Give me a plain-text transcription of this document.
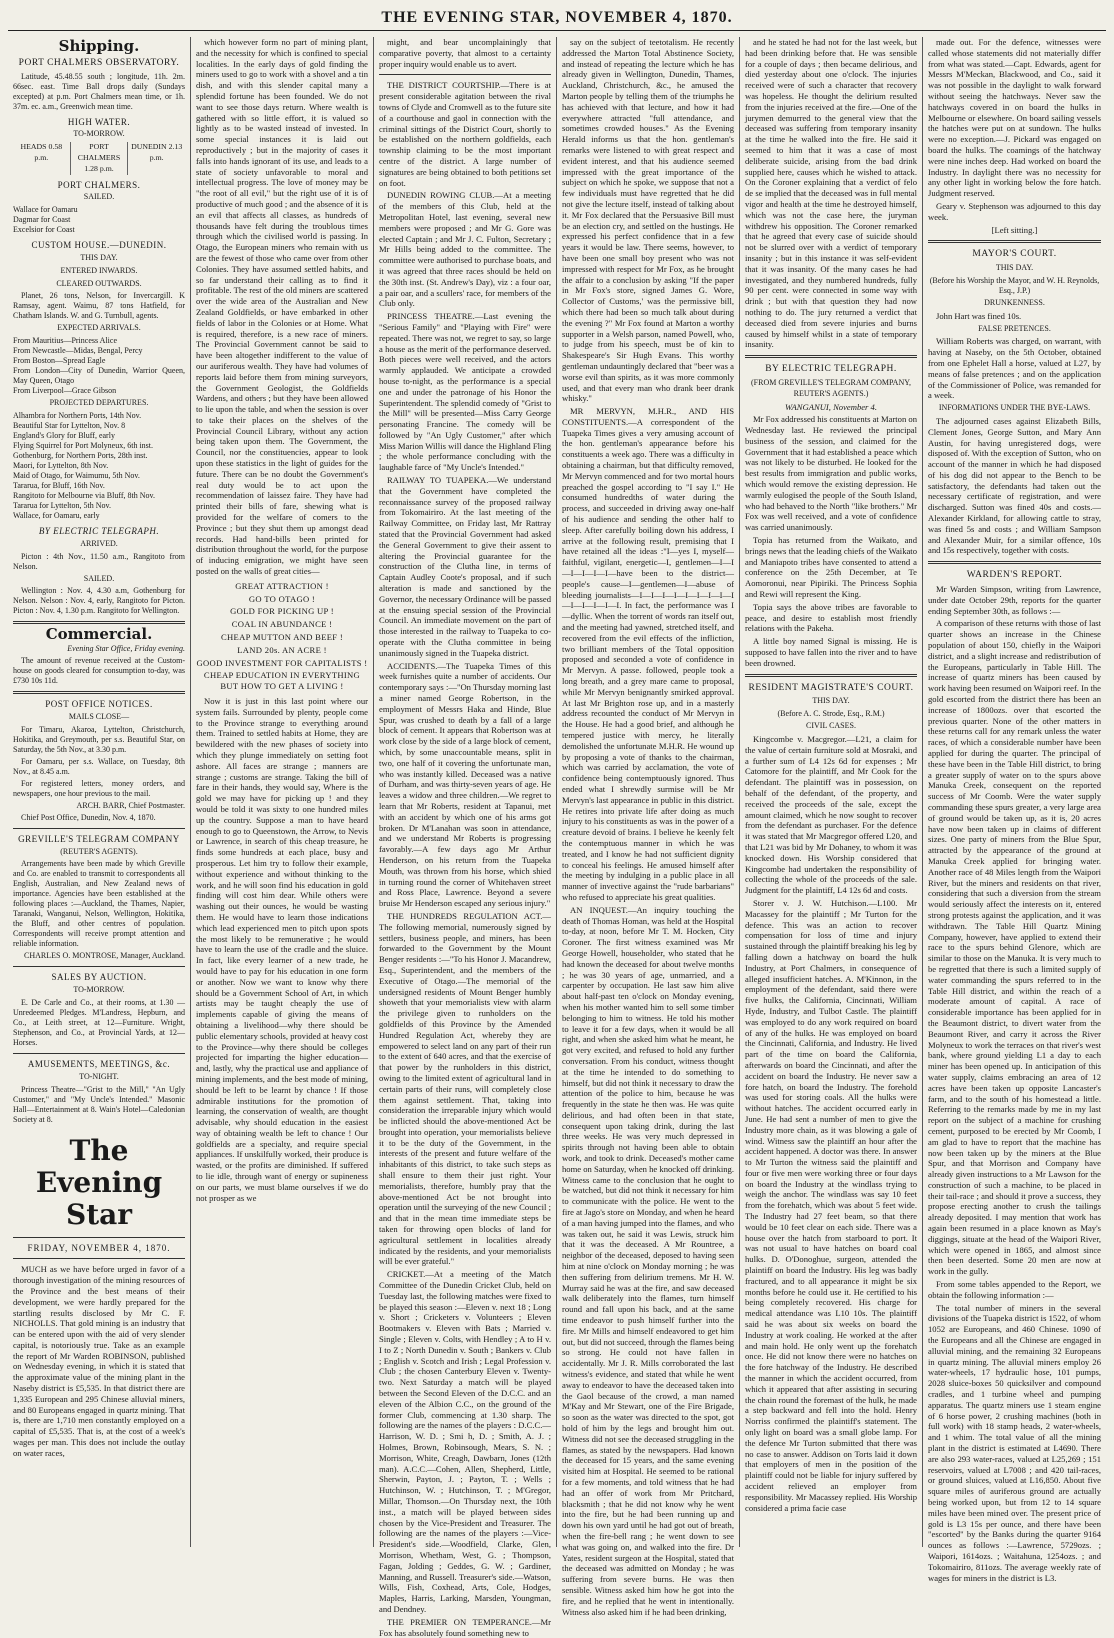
THE EVENING STAR, NOVEMBER 4, 1870.
Shipping.
PORT CHALMERS OBSERVATORY.

Latitude, 45.48.55 south ; longitude, 11h. 2m. 66sec. east. Time Ball drops daily (Sundays excepted) at p.m. Port Chalmers mean time, or 1h. 37m. ec. a.m., Greenwich mean time.

HIGH WATER.
TO-MORROW.
HEADS 0.58 p.m.
PORT CHALMERS 1.28 p.m.
DUNEDIN 2.13 p.m.
PORT CHALMERS.
SAILED.

Wallace for Oamaru

Dagmar for Coast

Excelsior for Coast

CUSTOM HOUSE.—DUNEDIN.
THIS DAY.
ENTERED INWARDS.
CLEARED OUTWARDS.

Planet, 26 tons, Nelson, for Invercargill. K Ramsay, agent. Waimu, 87 tons Hatfield, for Chatham Islands. W. and G. Turnbull, agents.

EXPECTED ARRIVALS.

From Mauritius—Princess Alice

From Newcastle—Midas, Bengal, Percy

From Boston—Spread Eagle

From London—City of Dunedin, Warrior Queen, May Queen, Otago

From Liverpool—Grace Gibson

PROJECTED DEPARTURES.

Alhambra for Northern Ports, 14th Nov.

Beautiful Star for Lyttelton, Nov. 8

England's Glory for Bluff, early

Flying Squirrel for Port Molyneux, 6th inst.

Gothenburg, for Northern Ports, 28th inst.

Maori, for Lyttelton, 8th Nov.

Maid of Otago, for Waimumu, 5th Nov.

Tararua, for Bluff, 16th Nov.

Rangitoto for Melbourne via Bluff, 8th Nov.

Tararua for Lyttelton, 5th Nov.

Wallace, for Oamaru, early

BY ELECTRIC TELEGRAPH.
ARRIVED.

Picton : 4th Nov., 11.50 a.m., Rangitoto from Nelson.

SAILED.

Wellington : Nov. 4, 4.30 a.m, Gothenburg for Nelson. Nelson : Nov. 4, early, Rangitoto for Picton. Picton : Nov. 4, 1.30 p.m. Rangitoto for Wellington.

Commercial.

Evening Star Office, Friday evening.

The amount of revenue received at the Custom-house on goods cleared for consumption to-day, was £730 10s 11d.

POST OFFICE NOTICES.
MAILS CLOSE—

For Timaru, Akaroa, Lyttelton, Christchurch, Hokitika, and Greymouth, per s.s. Beautiful Star, on Saturday, the 5th Nov., at 3.30 p.m.

For Oamaru, per s.s. Wallace, on Tuesday, 8th Nov., at 8.45 a.m.

For registered letters, money orders, and newspapers, one hour previous to the mail.

ARCH. BARR, Chief Postmaster.

Chief Post Office, Dunedin, Nov. 4, 1870.

GREVILLE'S TELEGRAM COMPANY
(REUTER'S AGENTS).

Arrangements have been made by which Greville and Co. are enabled to transmit to correspondents all English, Australian, and New Zealand news of importance. Agencies have been established at the following places :—Auckland, the Thames, Napier, Taranaki, Wanganui, Nelson, Wellington, Hokitika, the Bluff, and other centres of population. Correspondents will receive prompt attention and reliable information.

CHARLES O. MONTROSE, Manager, Auckland.

SALES BY AUCTION.
TO-MORROW.

E. De Carle and Co., at their rooms, at 1.30 —Unredeemed Pledges. M'Landress, Hepburn, and Co., at Leith street, at 12—Furniture. Wright, Stephenson, and Co., at Provincial Yards, at 12—Horses.

AMUSEMENTS, MEETINGS, &c.
TO-NIGHT.

Princess Theatre—"Grist to the Mill," "An Ugly Customer," and "My Uncle's Intended." Masonic Hall—Entertainment at 8. Wain's Hotel—Caledonian Society at 8.

The Evening Star
FRIDAY, NOVEMBER 4, 1870.

MUCH as we have before urged in favor of a thorough investigation of the mining resources of the Province and the best means of their development, we were hardly prepared for the startling results disclosed by Mr C. F. NICHOLLS. That gold mining is an industry that can be entered upon with the aid of very slender capital, is notoriously true. Take as an example the report of Mr Warden ROBINSON, published on Wednesday evening, in which it is stated that the approximate value of the mining plant in the Naseby district is £5,535. In that district there are 1,335 European and 295 Chinese alluvial miners, and 80 Europeans engaged in quartz mining. That is, there are 1,710 men constantly employed on a capital of £5,535. That is, at the cost of a week's wages per man. This does not include the outlay on water races,

which however form no part of mining plant, and the necessity for which is confined to special localities. In the early days of gold finding the miners used to go to work with a shovel and a tin dish, and with this slender capital many a splendid fortune has been founded. We do not want to see those days return. Where wealth is gathered with so little effort, it is valued so lightly as to be wasted instead of invested. In some special instances it is laid out reproductively ; but in the majority of cases it falls into hands ignorant of its use, and leads to a state of society unfavorable to moral and intellectual progress. The love of money may be "the root of all evil," but the right use of it is of productive of much good ; and the absence of it is an evil that affects all classes, as hundreds of thousands have felt during the troublous times through which the civilised world is passing. In Otago, the European miners who remain with us are the fewest of those who came over from other Colonies. They have assumed settled habits, and so far understand their calling as to find it profitable. The rest of the old miners are scattered over the wide area of the Australian and New Zealand Goldfields, or have embarked in other fields of labor in the Colonies or at Home. What is required, therefore, is a new race of miners. The Provincial Government cannot be said to have been altogether indifferent to the value of our auriferous wealth. They have had volumes of reports laid before them from mining surveyors, the Government Geologist, the Goldfields Wardens, and others ; but they have been allowed to lie upon the table, and when the session is over to take their places on the shelves of the Provincial Council Library, without any action being taken upon them. The Government, the Council, nor the constituencies, appear to look upon these statistics in the light of guides for the future. There can be no doubt the Government's real duty would be to act upon the recommendation of laissez faire. They have had printed their bills of fare, shewing what is provided for the welfare of comers to the Province ; but they shut them up amongst dead records. Had hand-bills been printed for distribution throughout the world, for the purpose of inducing emigration, we might have seen posted on the walls of great cities—

GREAT ATTRACTION !
GO TO OTAGO !
GOLD FOR PICKING UP !
COAL IN ABUNDANCE !
CHEAP MUTTON AND BEEF !
LAND 20s. AN ACRE !
GOOD INVESTMENT FOR CAPITALISTS !
CHEAP EDUCATION IN EVERYTHING BUT HOW TO GET A LIVING !

Now it is just in this last point where our system fails. Surrounded by plenty, people come to the Province strange to everything around them. Trained to settled habits at Home, they are bewildered with the new phases of society into which they plunge immediately on setting foot ashore. All faces are strange ; manners are strange ; customs are strange. Taking the bill of fare in their hands, they would say, Where is the gold we may have for picking up ! and they would be told it was sixty to one hundred miles up the country. Suppose a man to have heard enough to go to Queenstown, the Arrow, to Nevis or Lawrence, in search of this cheap treasure, he finds some hundreds at each place, busy and prosperous. Let him try to follow their example, without experience and without thinking to the work, and he will soon find his education in gold finding will cost him dear. While others were washing out their ounces, he would be wasting them. He would have to learn those indications which lead experienced men to pitch upon spots the most likely to be remunerative ; he would have to learn the use of the cradle and the sluice. In fact, like every learner of a new trade, he would have to pay for his education in one form or another. Now we want to know why there should be a Government School of Art, in which artists may be taught cheaply the use of implements capable of giving the means of obtaining a livelihood—why there should be public elementary schools, provided at heavy cost to the Province—why there should be colleges projected for imparting the higher education—and, lastly, why the practical use and appliance of mining implements, and the best mode of mining, should be left to be learnt by chance ! If those admirable institutions for the promotion of learning, the conservation of wealth, are thought advisable, why should education in the easiest way of obtaining wealth be left to chance ! Our goldfields are a specialty, and require special appliances. If unskilfully worked, their produce is wasted, or the profits are diminished. If suffered to lie idle, through want of energy or supineness on our parts, we must blame ourselves if we do not prosper as we

might, and bear uncomplainingly that comparative poverty, that almost to a certainty proper inquiry would enable us to avert.

THE DISTRICT COURTSHIP.—There is at present considerable agitation between the rival towns of Clyde and Cromwell as to the future site of a courthouse and gaol in connection with the criminal sittings of the District Court, shortly to be established on the northern goldfields, each township claiming to be the most important centre of the district. A large number of signatures are being obtained to both petitions set on foot.

DUNEDIN ROWING CLUB.—At a meeting of the members of this Club, held at the Metropolitan Hotel, last evening, several new members were proposed ; and Mr G. Gore was elected Captain ; and Mr J. C. Fulton, Secretary ; Mr Hills being added to the committee. The committee were authorised to purchase boats, and it was agreed that three races should be held on the 30th inst. (St. Andrew's Day), viz : a four oar, a pair oar, and a scullers' race, for members of the Club only.

PRINCESS THEATRE.—Last evening the "Serious Family" and "Playing with Fire" were repeated. There was not, we regret to say, so large a house as the merit of the performance deserved. Both pieces were well received, and the actors warmly applauded. We anticipate a crowded house to-night, as the performance is a special one and under the patronage of his Honor the Superintendent. The splendid comedy of "Grist to the Mill" will be presented—Miss Carry George personating Francine. The comedy will be followed by "An Ugly Customer," after which Miss Marion Willis will dance the Highland Fling ; the whole performance concluding with the laughable farce of "My Uncle's Intended."

RAILWAY TO TUAPEKA.—We understand that the Government have completed the reconnaissance survey of the proposed railway from Tokomairiro. At the last meeting of the Railway Committee, on Friday last, Mr Rattray stated that the Provincial Government had asked the General Government to give their assent to altering the Provincial guarantee for the construction of the Clutha line, in terms of Captain Audley Coote's proposal, and if such alteration is made and sanctioned by the Governor, the necessary Ordinance will be passed at the ensuing special session of the Provincial Council. An immediate movement on the part of those interested in the railway to Tuapeka to co-operate with the Clutha committee in being unanimously signed in the Tuapeka district.

ACCIDENTS.—The Tuapeka Times of this week furnishes quite a number of accidents. Our contemporary says :—"On Thursday morning last a miner named George Robertson, in the employment of Messrs Haka and Hinde, Blue Spur, was crushed to death by a fall of a large block of cement. It appears that Robertson was at work close by the side of a large block of cement, which, by some unaccountable means, split in two, one half of it covering the unfortunate man, who was instantly killed. Deceased was a native of Durham, and was thirty-seven years of age. He leaves a widow and three children.—We regret to learn that Mr Roberts, resident at Tapanui, met with an accident by which one of his arms got broken. Dr M'Lanahan was soon in attendance, and we understand Mr Roberts is progressing favorably.—A few days ago Mr Arthur Henderson, on his return from the Tuapeka Mouth, was thrown from his horse, which shied in turning round the corner of Whitehaven street and Ross Place, Lawrence. Beyond a severe bruise Mr Henderson escaped any serious injury."

THE HUNDREDS REGULATION ACT.—The following memorial, numerously signed by settlers, business people, and miners, has been forwarded to the Government by the Mount Benger residents :—"To his Honor J. Macandrew, Esq., Superintendent, and the members of the Executive of Otago.—The memorial of the undersigned residents of Mount Benger humbly showeth that your memorialists view with alarm the privilege given to runholders on the goldfields of this Province by the Amended Hundred Regulation Act, whereby they are empowered to select land on any part of their run to the extent of 640 acres, and that the exercise of that power by the runholders in this district, owing to the limited extent of agricultural land in certain parts of their runs, will completely close them against settlement. That, taking into consideration the irreparable injury which would be inflicted should the above-mentioned Act be brought into operation, your memorialists believe it to be the duty of the Government, in the interests of the present and future welfare of the inhabitants of this district, to take such steps as shall ensure to them their just right. Your memorialists, therefore, humbly pray that the above-mentioned Act be not brought into operation until the surveying of the new Council ; and that in the mean time immediate steps be taken for throwing open blocks of land for agricultural settlement in localities already indicated by the residents, and your memorialists will be ever grateful."

CRICKET.—At a meeting of the Match Committee of the Dunedin Cricket Club, held on Tuesday last, the following matches were fixed to be played this season :—Eleven v. next 18 ; Long v. Short ; Cricketers v. Volunteers ; Eleven Bootmakers v. Eleven with Bats ; Married v. Single ; Eleven v. Colts, with Hendley ; A to H v. I to Z ; North Dunedin v. South ; Bankers v. Club ; English v. Scotch and Irish ; Legal Profession v. Club ; the chosen Canterbury Eleven v. Twenty-two. Next Saturday a match will be played between the Second Eleven of the D.C.C. and an eleven of the Albion C.C., on the ground of the former Club, commencing at 1.30 sharp. The following are the names of the players : D.C.C.—Harrison, W. D. ; Smi h, D. ; Smith, A. J. ; Holmes, Brown, Robinsough, Mears, S. N. ; Morrison, White, Creagh, Dawbarn, Jones (12th man). A.C.C.—Cohen, Allen, Shepherd, Little, Sherwin, Payton, J. ; Payton, T. ; Wells ; Hutchinson, W. ; Hutchinson, T. ; M'Gregor, Millar, Thomson.—On Thursday next, the 10th inst., a match will be played between sides chosen by the Vice-President and Treasurer. The following are the names of the players :—Vice-President's side.—Woodfield, Clarke, Glen, Morrison, Whetham, West, G. ; Thompson, Fagan, Jolding ; Geddes, G. W. ; Gardiner, Manning, and Russell. Treasurer's side.—Watson, Wills, Fish, Coxhead, Arts, Cole, Hodges, Maples, Harris, Larking, Marsden, Youngman, and Dendney.

THE PREMIER ON TEMPERANCE.—Mr Fox has absolutely found something new to

say on the subject of teetotalism. He recently addressed the Marton Total Abstinence Society, and instead of repeating the lecture which he has already given in Wellington, Dunedin, Thames, Auckland, Christchurch, &c., he amused the Marton people by telling them of the triumphs he has achieved with that lecture, and how it had everywhere attracted "full attendance, and sometimes crowded houses." As the Evening Herald informs us that the hon. gentleman's remarks were listened to with great respect and evident interest, and that his audience seemed impressed with the great importance of the subject on which he spoke, we suppose that not a few individuals must have regretted that he did not give the lecture itself, instead of talking about it. Mr Fox declared that the Persuasive Bill must be an election cry, and settled on the hustings. He expressed his perfect confidence that in a few years it would be law. There seems, however, to have been one small boy present who was not impressed with respect for Mr Fox, as he brought the affair to a conclusion by asking "If the paper in Mr Fox's store, signed James G. Wore, Collector of Customs,' was the permissive bill, which there had been so much talk about during the evening ?" Mr Fox found at Marton a worthy supporter in a Welsh parson, named Powell, who, to judge from his speech, must be of kin to Shakespeare's Sir Hugh Evans. This worthy gentleman undauntingly declared that "beer was a worse evil than spirits, as it was more commonly used, and that every man who drank beer drank whisky."

MR MERVYN, M.H.R., AND HIS CONSTITUENTS.—A correspondent of the Tuapeka Times gives a very amusing account of the hon. gentleman's appearance before his constituents a week ago. There was a difficulty in obtaining a chairman, but that difficulty removed, Mr Mervyn commenced and for two mortal hours preached the gospel according to "I say I." He consumed hundredths of water during the process, and succeeded in driving away one-half of his audience and sending the other half to sleep. After carefully boiling down his address, I arrive at the following result, premising that I have retained all the ideas :"I—yes I, myself—faithful, vigilant, energetic—I, gentlemen—I—I—I—I—I—I—have been to the district—people's cause—I—gentlemen—I—abuse of bleeding journalists—I—I—I—I—I—I—I—I—I—I—I—I—I—I. In fact, the performance was I—dyllic. When the torrent of words ran itself out, and the meeting had yawned, stretched itself, and recovered from the evil effects of the infliction, two brilliant members of the Total opposition proposed and seconded a vote of confidence in Mr Mervyn. A passe. followed, people took a long breath, and a grey mare came to proposal, while Mr Mervyn benignantly smirked approval. At last Mr Brighton rose up, and in a masterly address recounted the conduct of Mr Mervyn in the House. He had a good brief, and although he tempered justice with mercy, he literally demolished the unfortunate M.H.R. He wound up by proposing a vote of thanks to the chairman, which was carried by acclamation, the vote of confidence being contemptuously ignored. Thus ended what I shrewdly surmise will be Mr Mervyn's last appearance in public in this district. He retires into private life after doing as much injury to his constituents as was in the power of a creature devoid of brains. I believe he keenly felt the contemptuous manner in which he was treated, and I know he had not sufficient dignity to conceal his feelings. He amused himself after the meeting by indulging in a public place in all manner of invective against the "rude barbarians" who refused to appreciate his great qualities.

AN INQUEST.—An inquiry touching the death of Thomas Homan, was held at the Hospital to-day, at noon, before Mr T. M. Hocken, City Coroner. The first witness examined was Mr George Howell, householder, who stated that he had known the deceased for about twelve months ; he was 30 years of age, unmarried, and a carpenter by occupation. He last saw him alive about half-past ten o'clock on Monday evening, when his mother wanted him to sell some timber belonging to him to witness. He told his mother to leave it for a few days, when it would be all right, and when she asked him what he meant, he got very excited, and refused to hold any further conversation. From his conduct, witness thought at the time he intended to do something to himself, but did not think it necessary to draw the attention of the police to him, because he was frequently in the state he then was. He was quite delirious, and had often been in that state, consequent upon taking drink, during the last three weeks. He was very much depressed in spirits through not having been able to obtain work, and took to drink. Deceased's mother came home on Saturday, when he knocked off drinking. Witness came to the conclusion that he ought to be watched, but did not think it necessary for him to communicate with the police. He went to the fire at Jago's store on Monday, and when he heard of a man having jumped into the flames, and who was taken out, he said it was Lewis, struck him that it was the deceased. A Mr Rountree, a neighbor of the deceased, deposed to having seen him at nine o'clock on Monday morning ; he was then suffering from delirium tremens. Mr H. W. Murray said he was at the fire, and saw deceased walk deliberately into the flames, turn himself round and fall upon his back, and at the same time endeavor to push himself further into the fire. Mr Mills and himself endeavored to get him out, but did not succeed, through the flames being so strong. He could not have fallen in accidentally. Mr J. R. Mills corroborated the last witness's evidence, and stated that while he went away to endeavor to have the deceased taken into the Gaol because of the crowd, a man named M'Kay and Mr Stewart, one of the Fire Brigade, so soon as the water was directed to the spot, got hold of him by the legs and brought him out. Witness did not see the deceased struggling in the flames, as stated by the newspapers. Had known the deceased for 15 years, and the same evening visited him at Hospital. He seemed to be rational for a few moments, and told witness that he had had an offer of work from Mr Pritchard, blacksmith ; that he did not know why he went into the fire, but he had been running up and down his own yard until he had got out of breath, when the fire-bell rang ; he went down to see what was going on, and walked into the fire. Dr Yates, resident surgeon at the Hospital, stated that the deceased was admitted on Monday ; he was suffering from severe burns. He was then sensible. Witness asked him how he got into the fire, and he replied that he went in intentionally. Witness also asked him if he had been drinking,

and he stated he had not for the last week, but had been drinking before that. He was sensible for a couple of days ; then became delirious, and died yesterday about one o'clock. The injuries received were of such a character that recovery was hopeless. He thought the delirium resulted from the injuries received at the fire.—One of the jurymen demurred to the general view that the deceased was suffering from temporary insanity at the time he walked into the fire. He said it seemed to him that it was a case of most deliberate suicide, arising from the bad drink supplied here, causes which he wished to attack. On the Coroner explaining that a verdict of felo de se implied that the deceased was in full mental vigor and health at the time he destroyed himself, which was not the case here, the juryman withdrew his opposition. The Coroner remarked that he agreed that every case of suicide should not be slurred over with a verdict of temporary insanity ; but in this instance it was self-evident that it was insanity. Of the many cases he had investigated, and they numbered hundreds, fully 90 per cent. were connected in some way with drink ; but with that question they had now nothing to do. The jury returned a verdict that deceased died from severe injuries and burns caused by himself whilst in a state of temporary insanity.

BY ELECTRIC TELEGRAPH.
(FROM GREVILLE'S TELEGRAM COMPANY, REUTER'S AGENTS.)
WANGANUI, November 4.

Mr Fox addressed his constituents at Marton on Wednesday last. He reviewed the principal business of the session, and claimed for the Government that it had established a peace which was not likely to be disturbed. He looked for the best results from immigration and public works, which would remove the existing depression. He warmly eulogised the people of the South Island, who had behaved to the North "like brothers." Mr Fox was well received, and a vote of confidence was carried unanimously.

Topia has returned from the Waikato, and brings news that the leading chiefs of the Waikato and Maniapoto tribes have consented to attend a conference on the 25th December, at Te Aomoronui, near Pipiriki. The Princess Sophia and Rewi will represent the King.

Topia says the above tribes are favorable to peace, and desire to establish most friendly relations with the Pakeha.

A little boy named Signal is missing. He is supposed to have fallen into the river and to have been drowned.

RESIDENT MAGISTRATE'S COURT.
THIS DAY.
(Before A. C. Strode, Esq., R.M.)
CIVIL CASES.

Kingcombe v. Macgregor.—L21, a claim for the value of certain furniture sold at Mosraki, and a further sum of L4 12s 6d for expenses ; Mr Catomore for the plaintiff, and Mr Cook for the defendant. The plaintiff was in possession, on behalf of the defendant, of the property, and received the proceeds of the sale, except the amount claimed, which he now sought to recover from the defendant as purchaser. For the defence it was stated that Mr Macgregor offered L20, and that L21 was bid by Mr Dohaney, to whom it was knocked down. His Worship considered that Kingcombe had undertaken the responsibility of collecting the whole of the proceeds of the sale. Judgment for the plaintiff, L4 12s 6d and costs.

Storer v. J. W. Hutchison.—L100. Mr Macassey for the plaintiff ; Mr Turton for the defence. This was an action to recover compensation for loss of time and injury sustained through the plaintiff breaking his leg by falling down a hatchway on board the hulk Industry, at Port Chalmers, in consequence of alleged insufficient hatches. A. M'Kinnon, in the employment of the defendant, said there were five hulks, the California, Cincinnati, William Hyde, Industry, and Tulbot Castle. The plaintiff was employed to do any work required on board of any of the hulks. He was employed on board the Cincinnati, California, and Industry. He lived part of the time on board the California, afterwards on board the Cincinnati, and after the accident on board the Industry. He never saw a fore hatch, on board the Industry. The forehold was used for storing coals. All the hulks were without hatches. The accident occurred early in June. He had sent a number of men to give the Industry more chain, as it was blowing a gale of wind. Witness saw the plaintiff an hour after the accident happened. A doctor was there. In answer to Mr Turton the witness said the plaintiff and four or five men were working three or four days on board the Industry at the windlass trying to weigh the anchor. The windlass was say 10 feet from the forehatch, which was about 5 feet wide. The Industry had 27 feet beam, so that there would be 10 feet clear on each side. There was a house over the hatch from starboard to port. It was not usual to have hatches on board coal hulks. D. O'Donoghue, surgeon, attended the plaintiff on board the Industry. His leg was badly fractured, and to all appearance it might be six months before he could use it. He certified to his being completely recovered. His charge for medical attendance was L10 10s. The plaintiff said he was about six weeks on board the Industry at work coaling. He worked at the after and main hold. He only went up the forehatch once. He did not know there were no hatches on the fore hatchway of the Industry. He described the manner in which the accident occurred, from which it appeared that after assisting in securing the chain round the foremast of the hulk, he made a step backward and fell into the hold. Henry Norriss confirmed the plaintiff's statement. The only light on board was a small globe lamp. For the defence Mr Turton submitted that there was no case to answer. Addison on Torts laid it down that employers of men in the position of the plaintiff could not be liable for injury suffered by accident relieved an employer from responsibility. Mr Macassey replied. His Worship considered a prima facie case

made out. For the defence, witnesses were called whose statements did not materially differ from what was stated.—Capt. Edwards, agent for Messrs M'Meckan, Blackwood, and Co., said it was not possible in the daylight to walk forward without seeing the hatchways. Never saw the hatchways covered in on board the hulks in Melbourne or elsewhere. On board sailing vessels the hatches were put on at sundown. The hulks were no exception.—J. Pickard was engaged on board the hulks. The coamings of the hatchway were nine inches deep. Had worked on board the Industry. In daylight there was no necessity for any other light in working below the fore hatch. Judgment reserved.

Geary v. Stephenson was adjourned to this day week.

[Left sitting.]
MAYOR'S COURT.
THIS DAY.
(Before his Worship the Mayor, and W. H. Reynolds, Esq., J.P.)
DRUNKENNESS.

John Hart was fined 10s.

FALSE PRETENCES.

William Roberts was charged, on warrant, with having at Naseby, on the 5th October, obtained from one Ephelet Hall a horse, valued at L27, by means of false pretences ; and on the application of the Commissioner of Police, was remanded for a week.

INFORMATIONS UNDER THE BYE-LAWS.

The adjourned cases against Elizabeth Bills, Clement Jones, George Sutton, and Mary Ann Austin, for having unregistered dogs, were disposed of. With the exception of Sutton, who on account of the manner in which he had disposed of his dog did not appear to the Bench to be satisfactory, the defendants had taken out the necessary certificate of registration, and were discharged. Sutton was fined 40s and costs.—Alexander Kirkland, for allowing cattle to stray, was fined 5s and costs ; and William Sampson and Alexander Muir, for a similar offence, 10s and 15s respectively, together with costs.

WARDEN'S REPORT.

Mr Warden Simpson, writing from Lawrence, under date October 29th, reports for the quarter ending September 30th, as follows :—

A comparison of these returns with those of last quarter shows an increase in the Chinese population of about 150, chiefly in the Waipori district, and a slight increase and redistribution of the Europeans, particularly in Table Hill. The increase of quartz miners has been caused by work having been resumed on Waipori reef. In the gold escorted from the district there has been an increase of 1800ozs. over that escorted the previous quarter. None of the other matters in these returns call for any remark unless the water races, of which a considerable number have been applied for during the quarter. The principal of these have been in the Table Hill district, to bring a greater supply of water on to the spurs above Manuka Creek, consequent on the reported success of Mr Coomb. Were the water supply commanding these spurs greater, a very large area of ground would be taken up, as it is, 20 acres have now been taken up in claims of different sizes. One party of miners from the Blue Spur, attracted by the appearance of the ground at Manuka Creek applied for bringing water. Another race of 48 Miles length from the Waipori River, but the miners and residents on that river, considering that such a diversion from the stream would seriously affect the interests on it, entered strong protests against the application, and it was withdrawn. The Table Hill Quartz Mining Company, however, have applied to extend their race to the spurs behind Glenore, which are similar to those on the Manuka. It is very much to be regretted that there is such a limited supply of water commanding the spurs referred to in the Table Hill district, and within the reach of a moderate amount of capital. A race of considerable importance has been applied for in the Beaumont district, to divert water from the Beaumont River, and carry it across the River Molyneux to work the terraces on that river's west bank, where ground yielding L1 a day to each miner has been opened up. In anticipation of this water supply, claims embracing an area of 12 acres have been taken up opposite Lancaster's farm, and to the south of his homestead a little. Referring to the remarks made by me in my last report on the subject of a machine for crushing cement, purposed to be erected by Mr Coomb, I am glad to have to report that the machine has now been taken up by the miners at the Blue Spur, and that Morrison and Company have already given instructions to a Mr Lawson for the construction of such a machine, to be placed in their tail-race ; and should it prove a success, they propose erecting another to crush the tailings already deposited. I may mention that work has again been resumed in a place known as May's diggings, situate at the head of the Waipori River, which were opened in 1865, and almost since then been deserted. Some 20 men are now at work in the gully.

From some tables appended to the Report, we obtain the following information :—

The total number of miners in the several divisions of the Tuapeka district is 1522, of whom 1052 are Europeans, and 460 Chinese. 1090 of the Europeans and all the Chinese are engaged in alluvial mining, and the remaining 32 Europeans in quartz mining. The alluvial miners employ 26 water-wheels, 17 hydraulic hose, 101 pumps, 2028 sluice-boxes 50 quicksilver and compound cradles, and 1 turbine wheel and pumping apparatus. The quartz miners use 1 steam engine of 6 horse power, 2 crushing machines (both in full work) with 18 stamp heads, 2 water-wheels, and 1 whim. The total value of all the mining plant in the district is estimated at L4690. There are also 293 water-races, valued at L25,269 ; 151 reservoirs, valued at L7008 ; and 420 tail-races, or ground sluices, valued at L16,850. About five square miles of auriferous ground are actually being worked upon, but from 12 to 14 square miles have been mined over. The present price of gold is L3 15s per ounce, and there have been "escorted" by the Banks during the quarter 9164 ounces as follows :—Lawrence, 5729ozs. ; Waipori, 1614ozs. ; Waitahuna, 1254ozs. ; and Tokomairiro, 811ozs. The average weekly rate of wages for miners in the district is L3.
